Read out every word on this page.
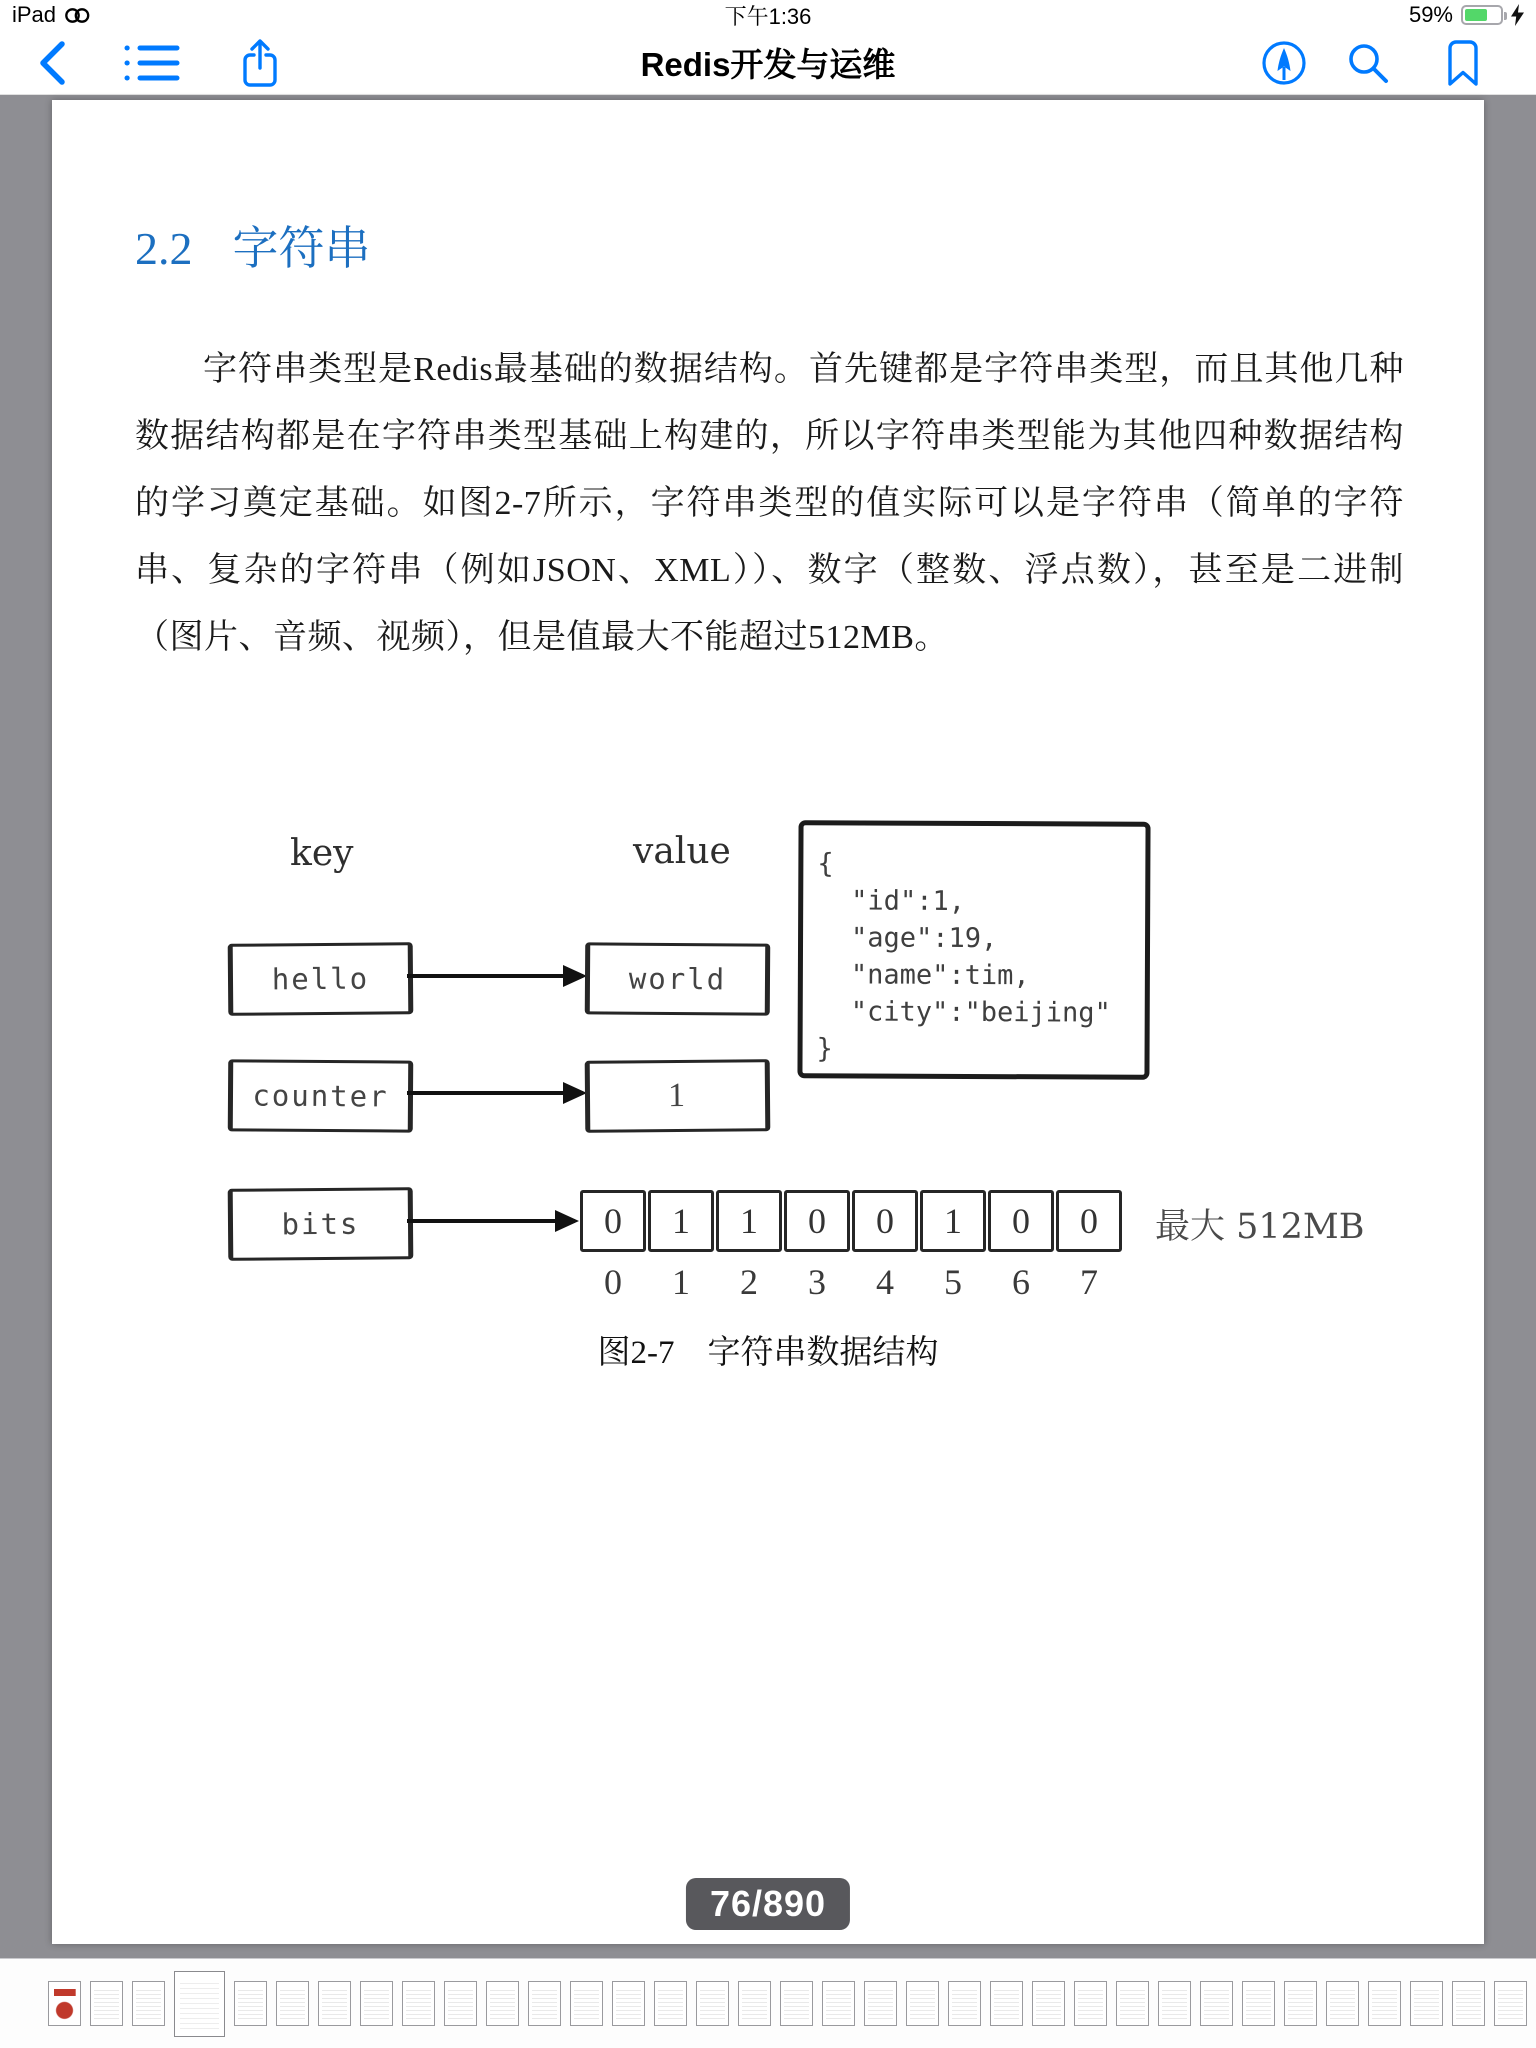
iPad	下午1:36	59%
Redis开发与运维
2.2 字符串
字符串类型是Redis最基础的数据结构。首先键都是字符串类型，而且其他几种数据结构都是在字符串类型基础上构建的，所以字符串类型能为其他四种数据结构的学习奠定基础。如图2-7所示，字符串类型的值实际可以是字符串（简单的字符串、复杂的字符串（例如JSON、XML））、数字（整数、浮点数），甚至是二进制（图片、音频、视频），但是值最大不能超过512MB。
key	value
hello	world
{
"id":1,
"age":19,
"name":tim,
"city":"beijing"
}
counter	1
bits	0	1	1	0	0	1	0	0
0	1	2	3	4	5	6	7
最大 512MB
图2-7　字符串数据结构
76/890
